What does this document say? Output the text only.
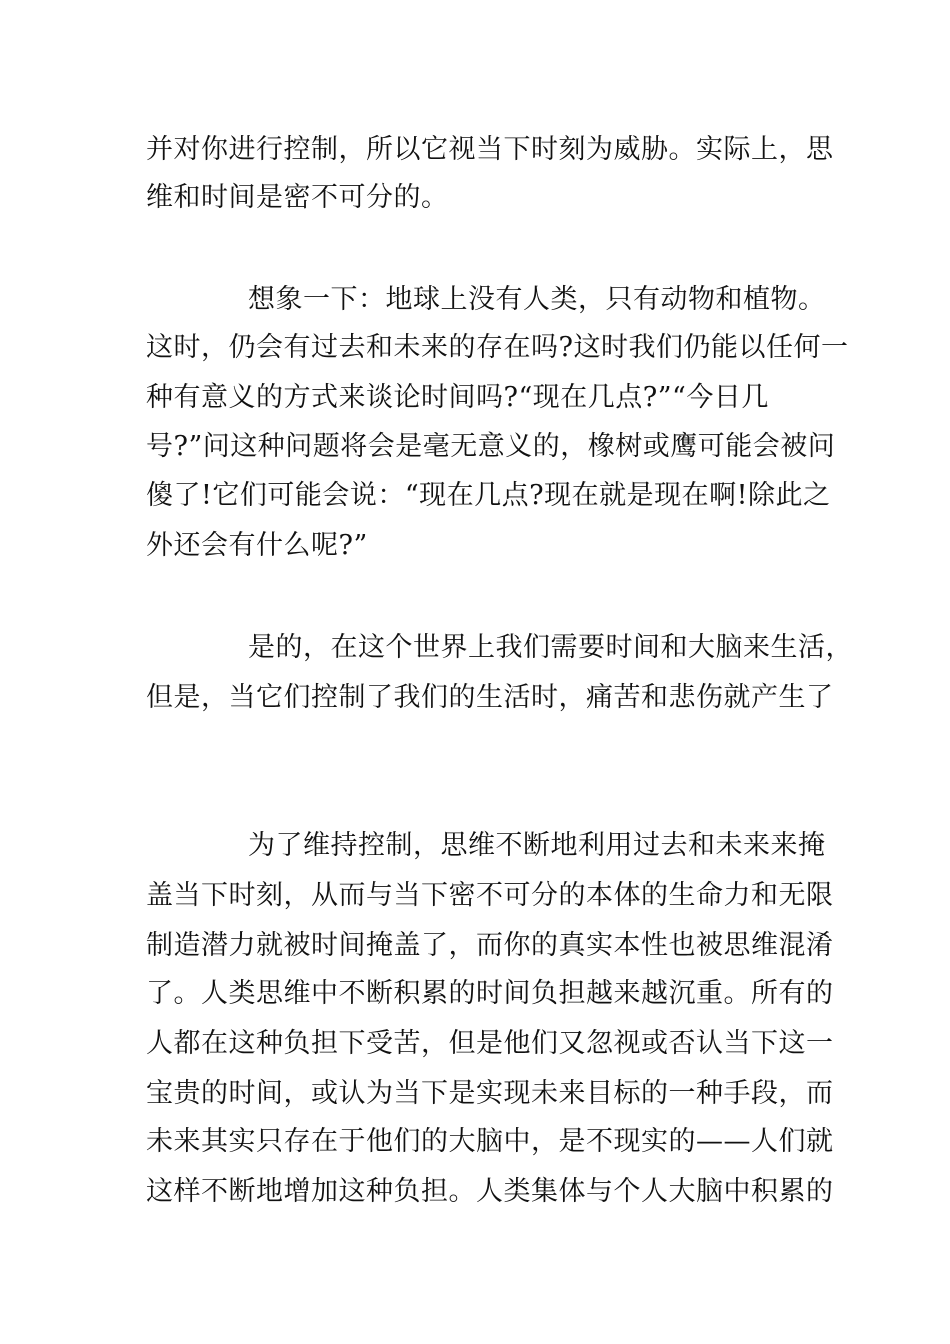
并对你进行控制，所以它视当下时刻为威胁。实际上，思
维和时间是密不可分的。
想象一下：地球上没有人类，只有动物和植物。
这时，仍会有过去和未来的存在吗?这时我们仍能以任何一
种有意义的方式来谈论时间吗?“现在几点?”“今日几
号?”问这种问题将会是毫无意义的，橡树或鹰可能会被问
傻了!它们可能会说：“现在几点?现在就是现在啊!除此之
外还会有什么呢?”
是的，在这个世界上我们需要时间和大脑来生活，
但是，当它们控制了我们的生活时，痛苦和悲伤就产生了
为了维持控制，思维不断地利用过去和未来来掩
盖当下时刻，从而与当下密不可分的本体的生命力和无限
制造潜力就被时间掩盖了，而你的真实本性也被思维混淆
了。人类思维中不断积累的时间负担越来越沉重。所有的
人都在这种负担下受苦，但是他们又忽视或否认当下这一
宝贵的时间，或认为当下是实现未来目标的一种手段，而
未来其实只存在于他们的大脑中，是不现实的——人们就
这样不断地增加这种负担。人类集体与个人大脑中积累的
